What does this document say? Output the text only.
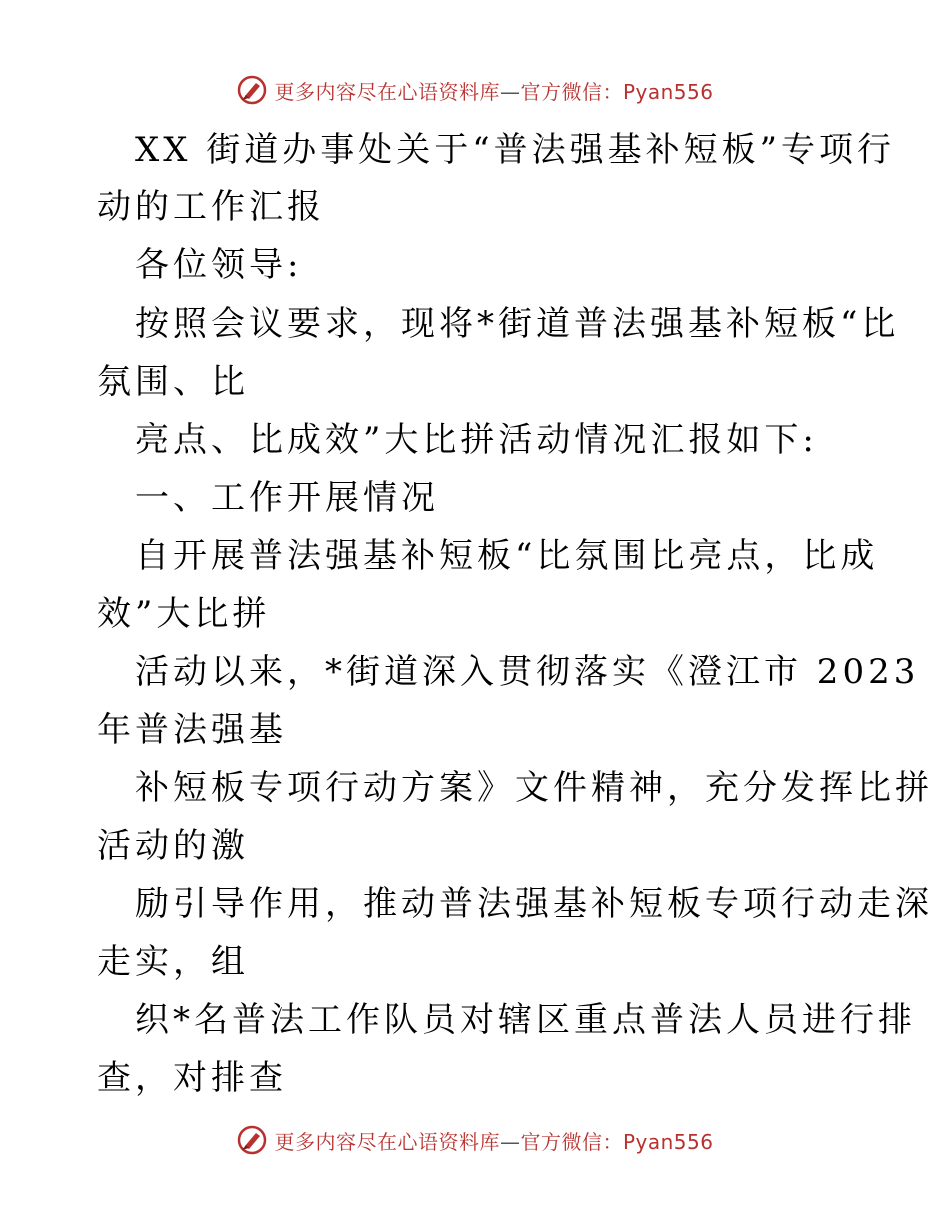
更多内容尽在心语资料库—官方微信：Pyan556
XX 街道办事处关于“普法强基补短板”专项行
动的工作汇报
各位领导:
按照会议要求，现将*街道普法强基补短板“比
氛围、比
亮点、比成效”大比拼活动情况汇报如下:
一、工作开展情况
自开展普法强基补短板“比氛围比亮点，比成
效”大比拼
活动以来，*街道深入贯彻落实《澄江市 2023
年普法强基
补短板专项行动方案》文件精神，充分发挥比拼
活动的激
励引导作用，推动普法强基补短板专项行动走深
走实，组
织*名普法工作队员对辖区重点普法人员进行排
查，对排查
更多内容尽在心语资料库—官方微信：Pyan556
